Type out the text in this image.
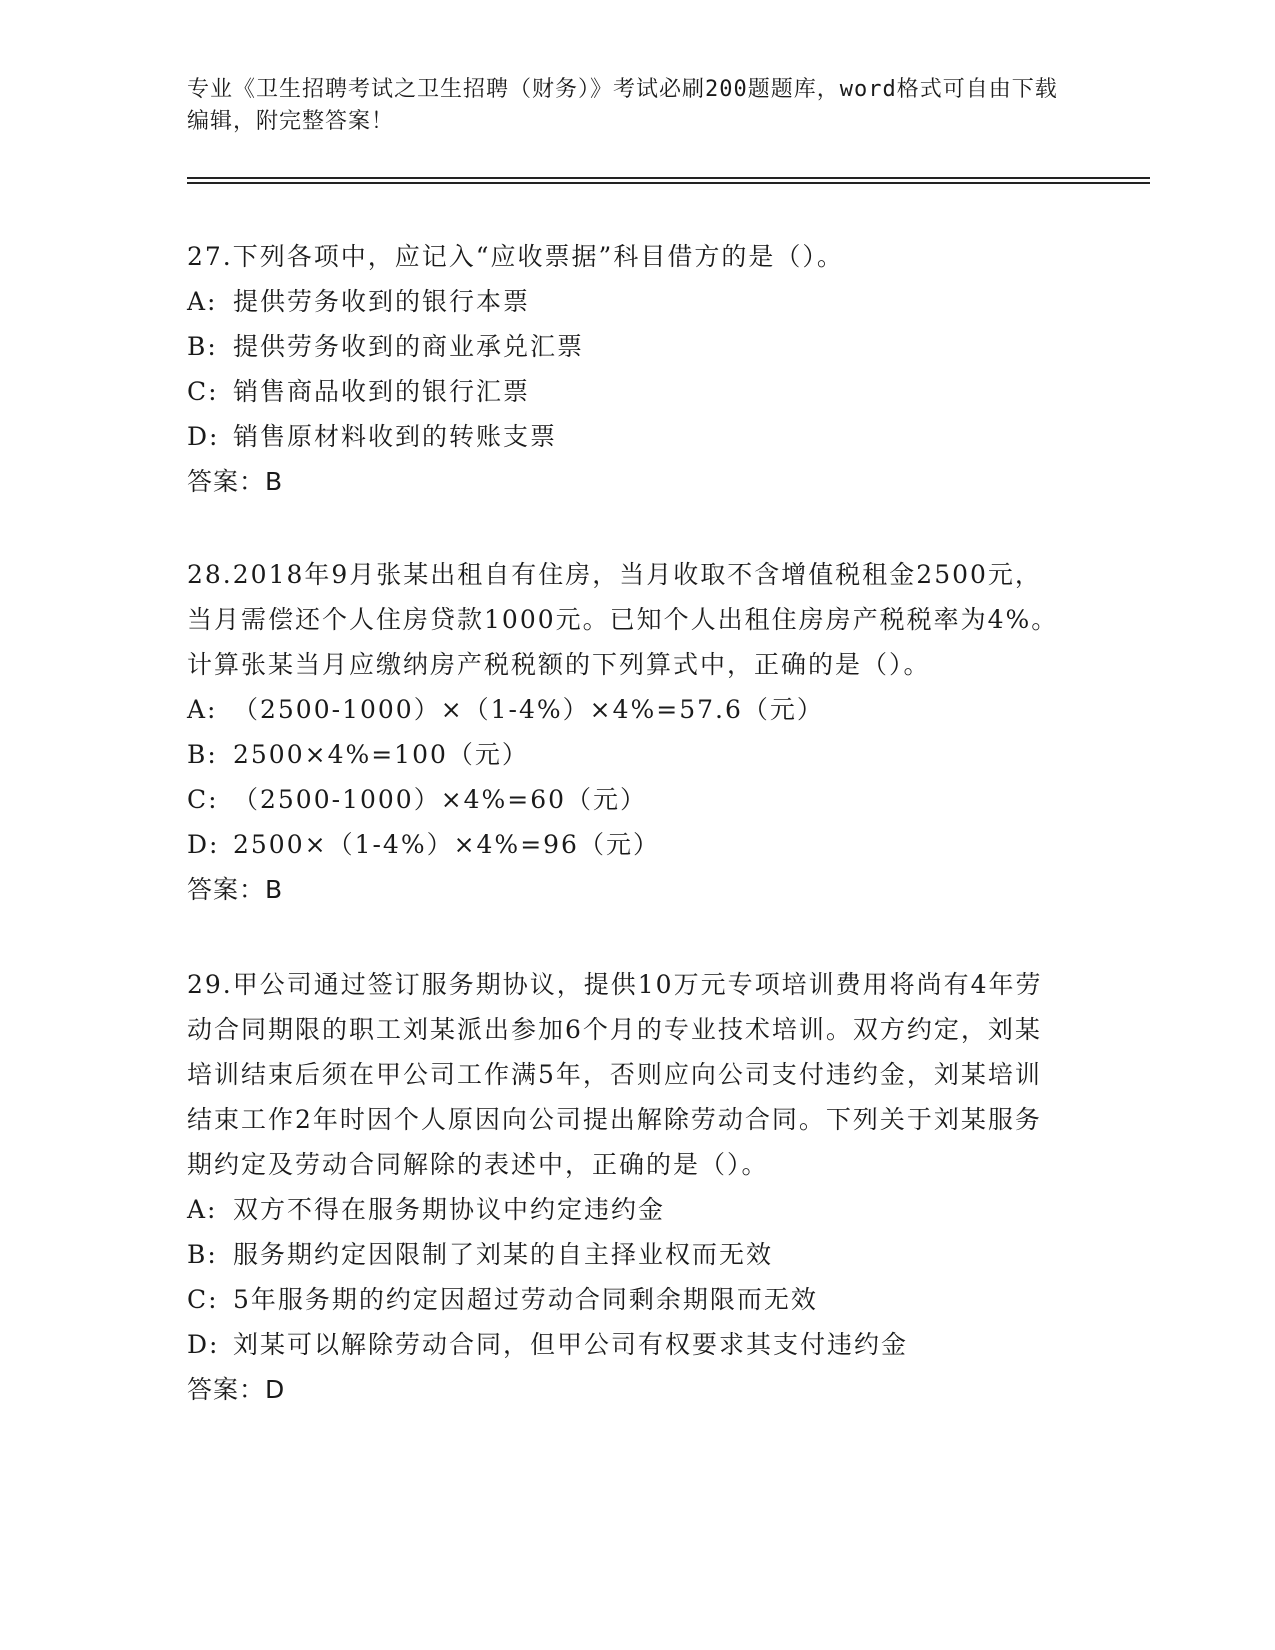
专业《卫生招聘考试之卫生招聘（财务）》考试必刷200题题库，word格式可自由下载编辑，附完整答案！

27.下列各项中，应记入“应收票据”科目借方的是（）。

A: 提供劳务收到的银行本票

B: 提供劳务收到的商业承兑汇票

C: 销售商品收到的银行汇票

D: 销售原材料收到的转账支票

答案：B

28.2018年9月张某出租自有住房，当月收取不含增值税租金2500元，当月需偿还个人住房贷款1000元。已知个人出租住房房产税税率为4%。计算张某当月应缴纳房产税税额的下列算式中，正确的是（）。

A: （2500-1000）×（1-4%）×4%=57.6（元）

B: 2500×4%=100（元）

C: （2500-1000）×4%=60（元）

D: 2500×（1-4%）×4%=96（元）

答案：B

29.甲公司通过签订服务期协议，提供10万元专项培训费用将尚有4年劳动合同期限的职工刘某派出参加6个月的专业技术培训。双方约定，刘某培训结束后须在甲公司工作满5年，否则应向公司支付违约金，刘某培训结束工作2年时因个人原因向公司提出解除劳动合同。下列关于刘某服务期约定及劳动合同解除的表述中，正确的是（）。

A: 双方不得在服务期协议中约定违约金

B: 服务期约定因限制了刘某的自主择业权而无效

C: 5年服务期的约定因超过劳动合同剩余期限而无效

D: 刘某可以解除劳动合同，但甲公司有权要求其支付违约金

答案：D
